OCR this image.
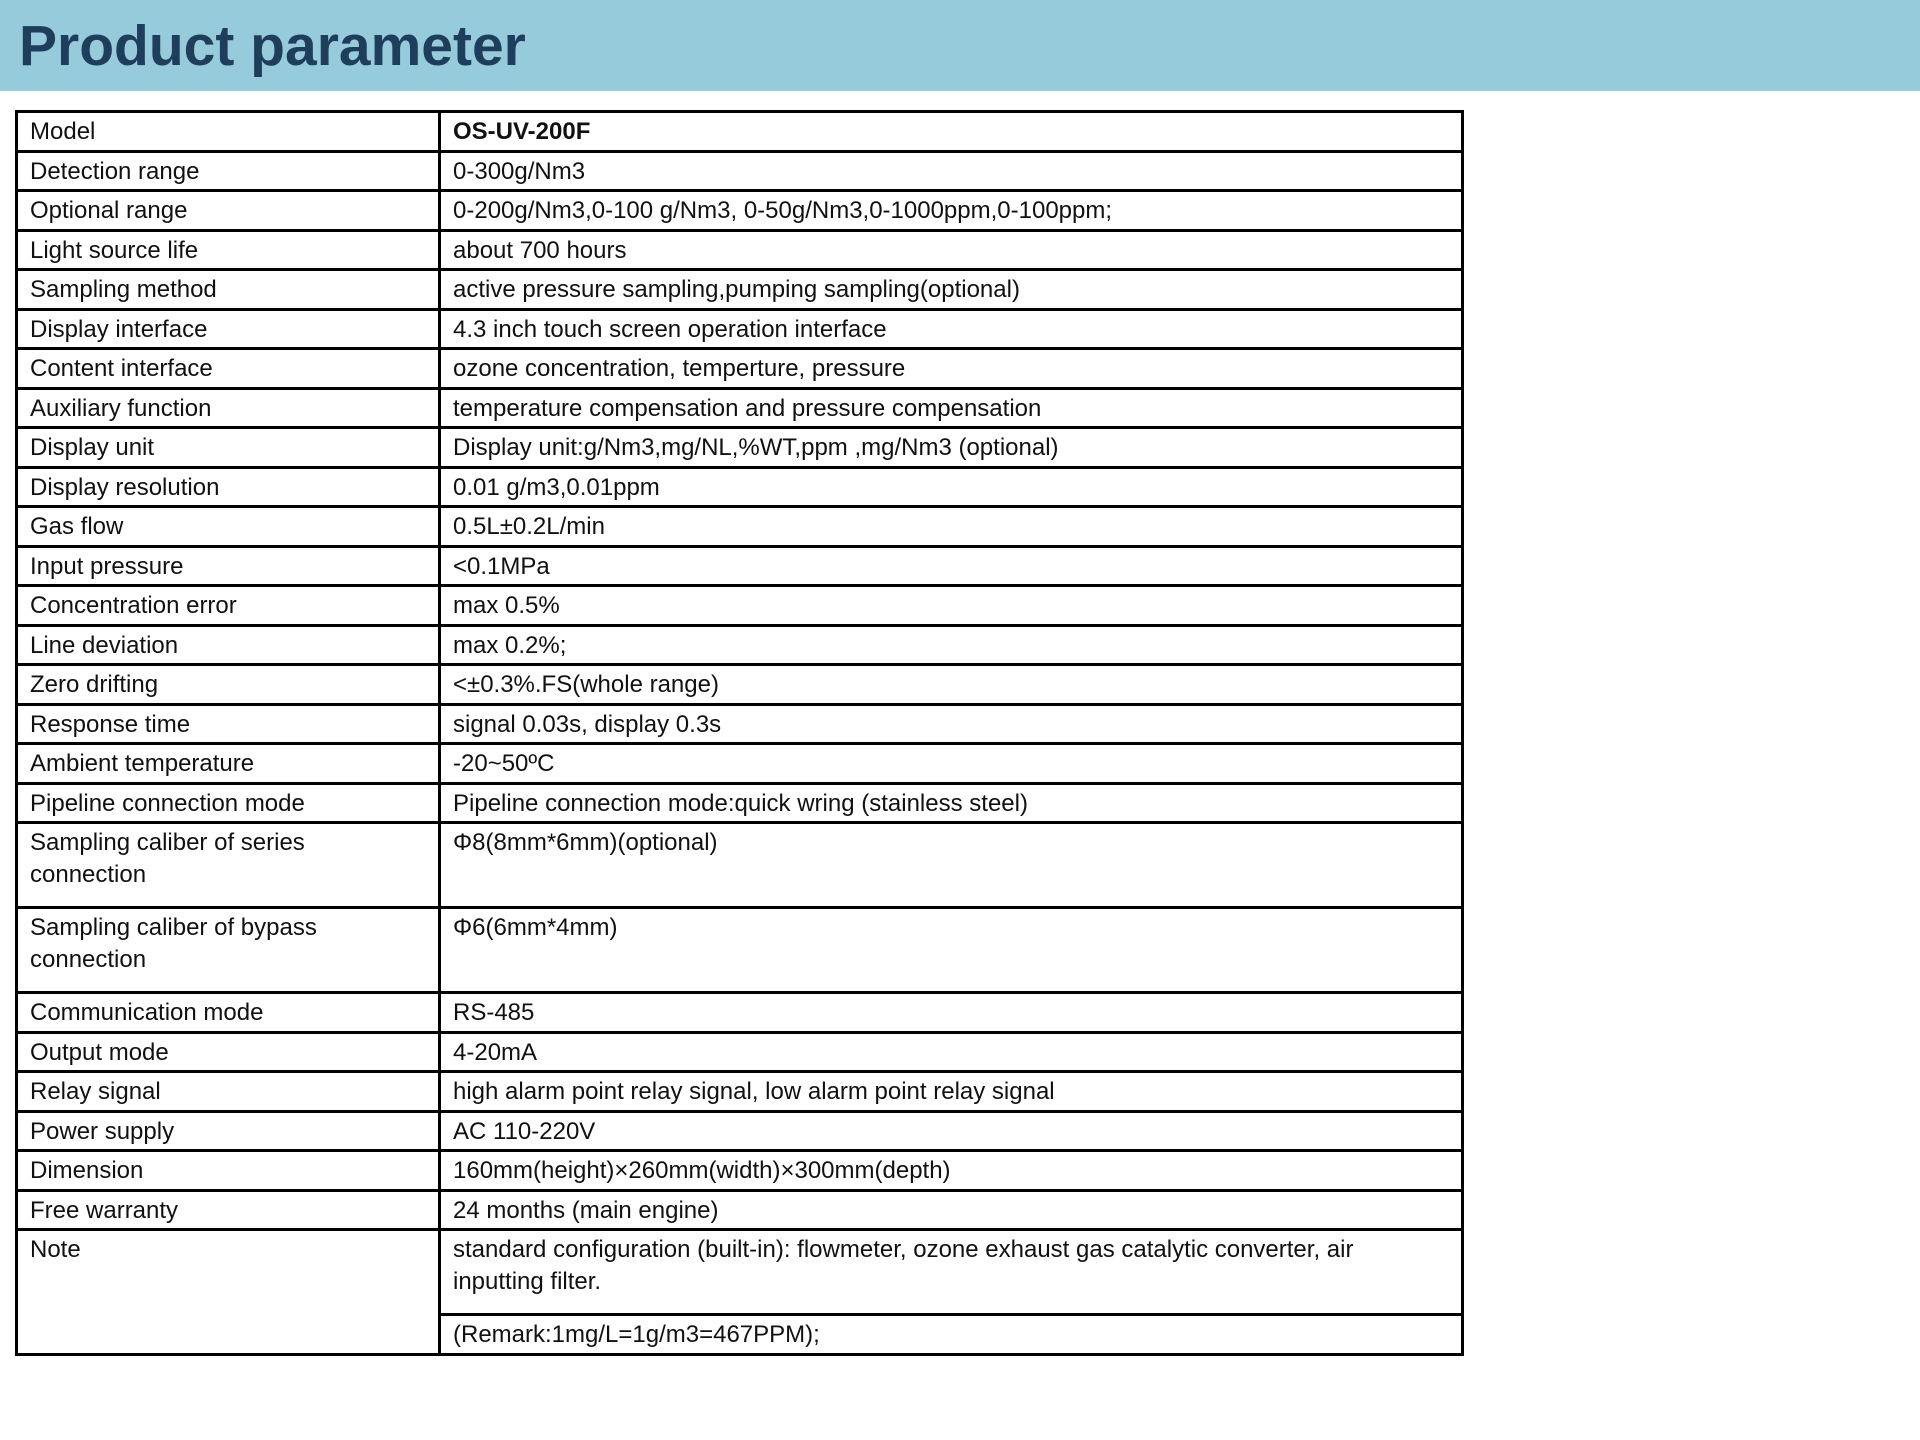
Product parameter
Model	OS-UV-200F
Detection range	0-300g/Nm3
Optional range	0-200g/Nm3,0-100 g/Nm3, 0-50g/Nm3,0-1000ppm,0-100ppm;
Light source life	about 700 hours
Sampling method	active pressure sampling,pumping sampling(optional)
Display interface	4.3 inch touch screen operation interface
Content interface	ozone concentration, temperture, pressure
Auxiliary function	temperature compensation and pressure compensation
Display unit	Display unit:g/Nm3,mg/NL,%WT,ppm ,mg/Nm3 (optional)
Display resolution	0.01 g/m3,0.01ppm
Gas flow	0.5L±0.2L/min
Input pressure	<0.1MPa
Concentration error	max 0.5%
Line deviation	max 0.2%;
Zero drifting	<±0.3%.FS(whole range)
Response time	signal 0.03s, display 0.3s
Ambient temperature	-20~50ºC
Pipeline connection mode	Pipeline connection mode:quick wring (stainless steel)
Sampling caliber of series connection	Φ8(8mm*6mm)(optional)
Sampling caliber of bypass connection	Φ6(6mm*4mm)
Communication mode	RS-485
Output mode	4-20mA
Relay signal	high alarm point relay signal, low alarm point relay signal
Power supply	AC 110-220V
Dimension	160mm(height)×260mm(width)×300mm(depth)
Free warranty	24 months (main engine)
Note	standard configuration (built-in): flowmeter, ozone exhaust gas catalytic converter, air inputting filter.
	(Remark:1mg/L=1g/m3=467PPM);
